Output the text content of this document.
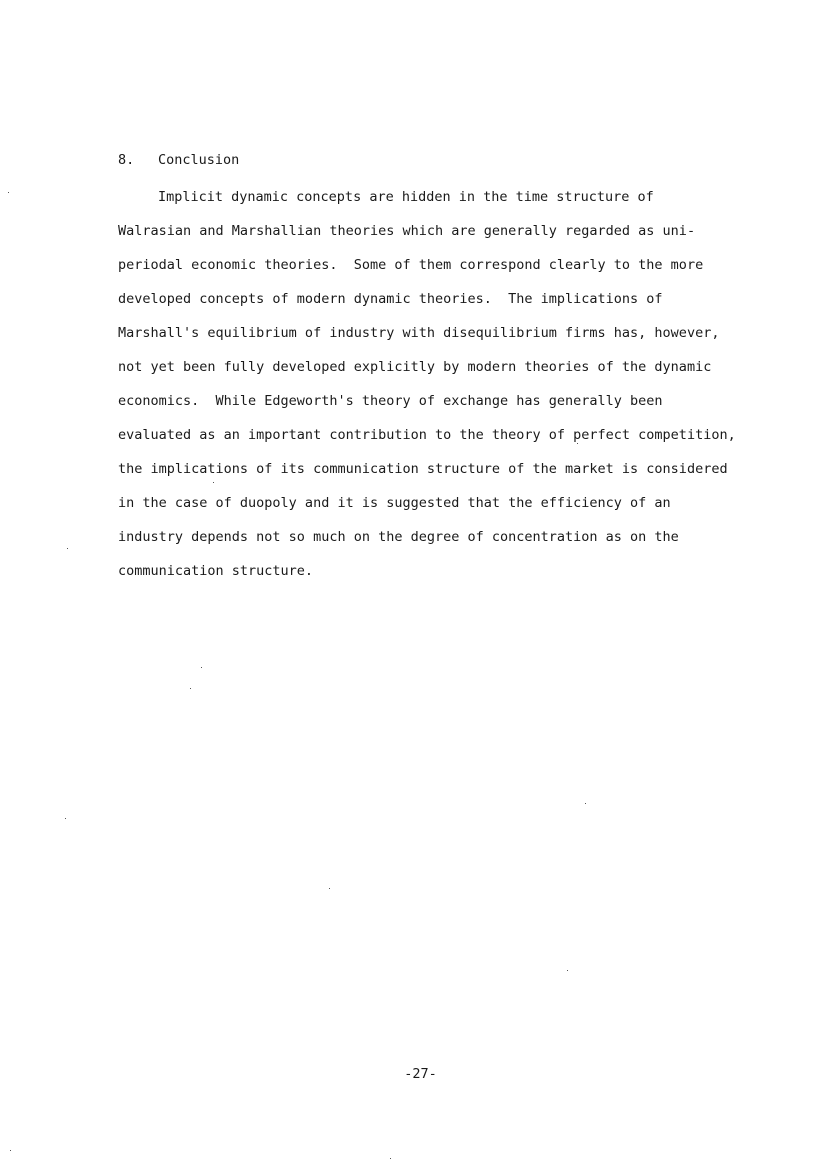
8. Conclusion
Implicit dynamic concepts are hidden in the time structure of
Walrasian and Marshallian theories which are generally regarded as uni-
periodal economic theories.  Some of them correspond clearly to the more
developed concepts of modern dynamic theories.  The implications of
Marshall's equilibrium of industry with disequilibrium firms has, however,
not yet been fully developed explicitly by modern theories of the dynamic
economics.  While Edgeworth's theory of exchange has generally been
evaluated as an important contribution to the theory of perfect competition,
the implications of its communication structure of the market is considered
in the case of duopoly and it is suggested that the efficiency of an
industry depends not so much on the degree of concentration as on the
communication structure.
-27-
